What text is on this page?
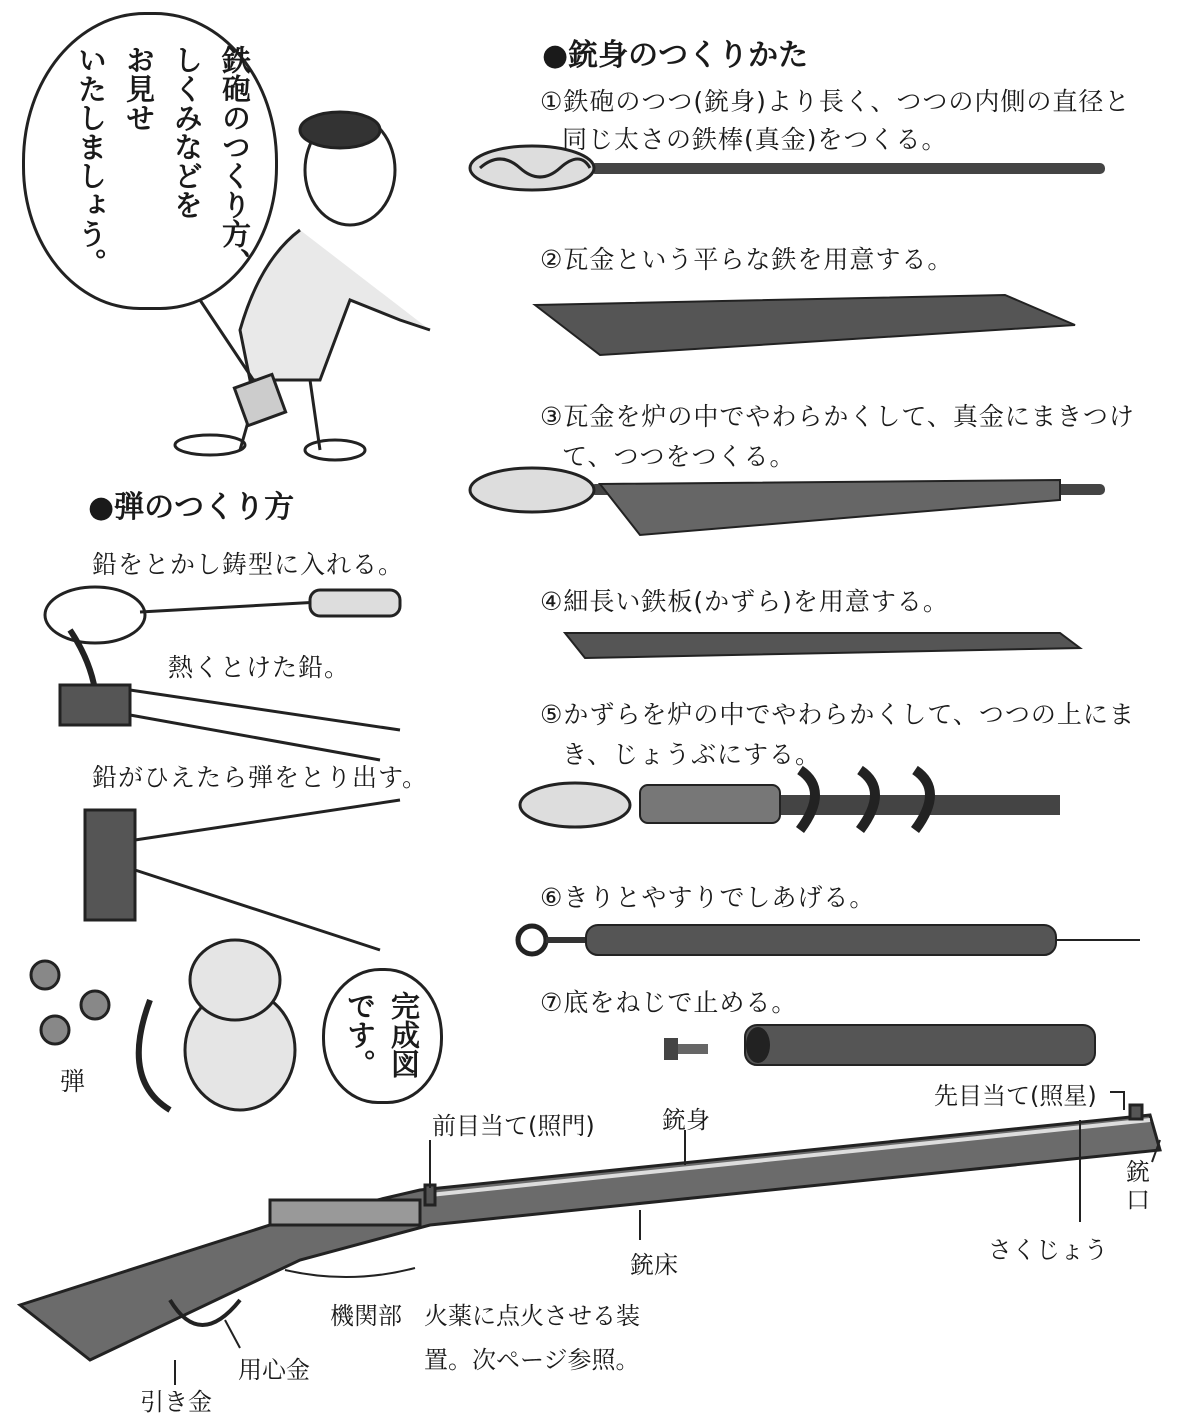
鉄砲のつくり方、
しくみなどを
お見せ
いたしましょう。
完成図
です。
●銃身のつくりかた
①鉄砲のつつ(銃身)より長く、つつの内側の直径と
同じ太さの鉄棒(真金)をつくる。
②瓦金という平らな鉄を用意する。
③瓦金を炉の中でやわらかくして、真金にまきつけ
て、つつをつくる。
④細長い鉄板(かずら)を用意する。
⑤かずらを炉の中でやわらかくして、つつの上にま
き、じょうぶにする。
⑥きりとやすりでしあげる。
⑦底をねじで止める。
●弾のつくり方
鉛をとかし鋳型に入れる。
熱くとけた鉛。
鉛がひえたら弾をとり出す。
弾	先目当て(照星)
前目当て(照門)	銃身
銃口
さくじょう
銃床
機関部 火薬に点火させる装
置。次ページ参照。
用心金
引き金
